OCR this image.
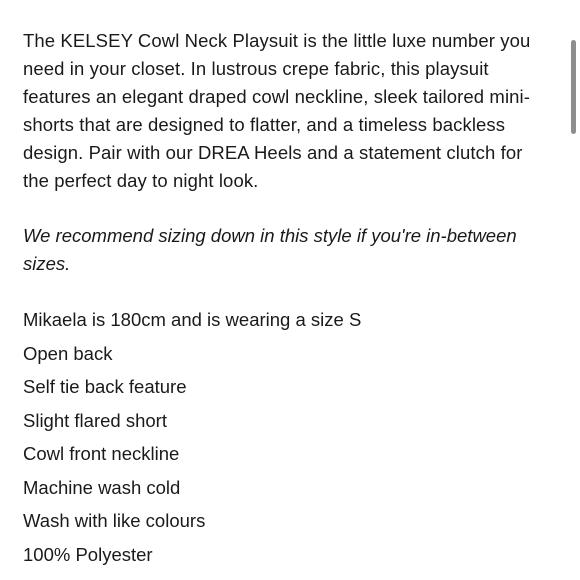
The KELSEY Cowl Neck Playsuit is the little luxe number you need in your closet. In lustrous crepe fabric, this playsuit features an elegant draped cowl neckline, sleek tailored mini-shorts that are designed to flatter, and a timeless backless design. Pair with our DREA Heels and a statement clutch for the perfect day to night look.

We recommend sizing down in this style if you're in-between sizes.

Mikaela is 180cm and is wearing a size S
Open back
Self tie back feature
Slight flared short
Cowl front neckline
Machine wash cold
Wash with like colours
100% Polyester
